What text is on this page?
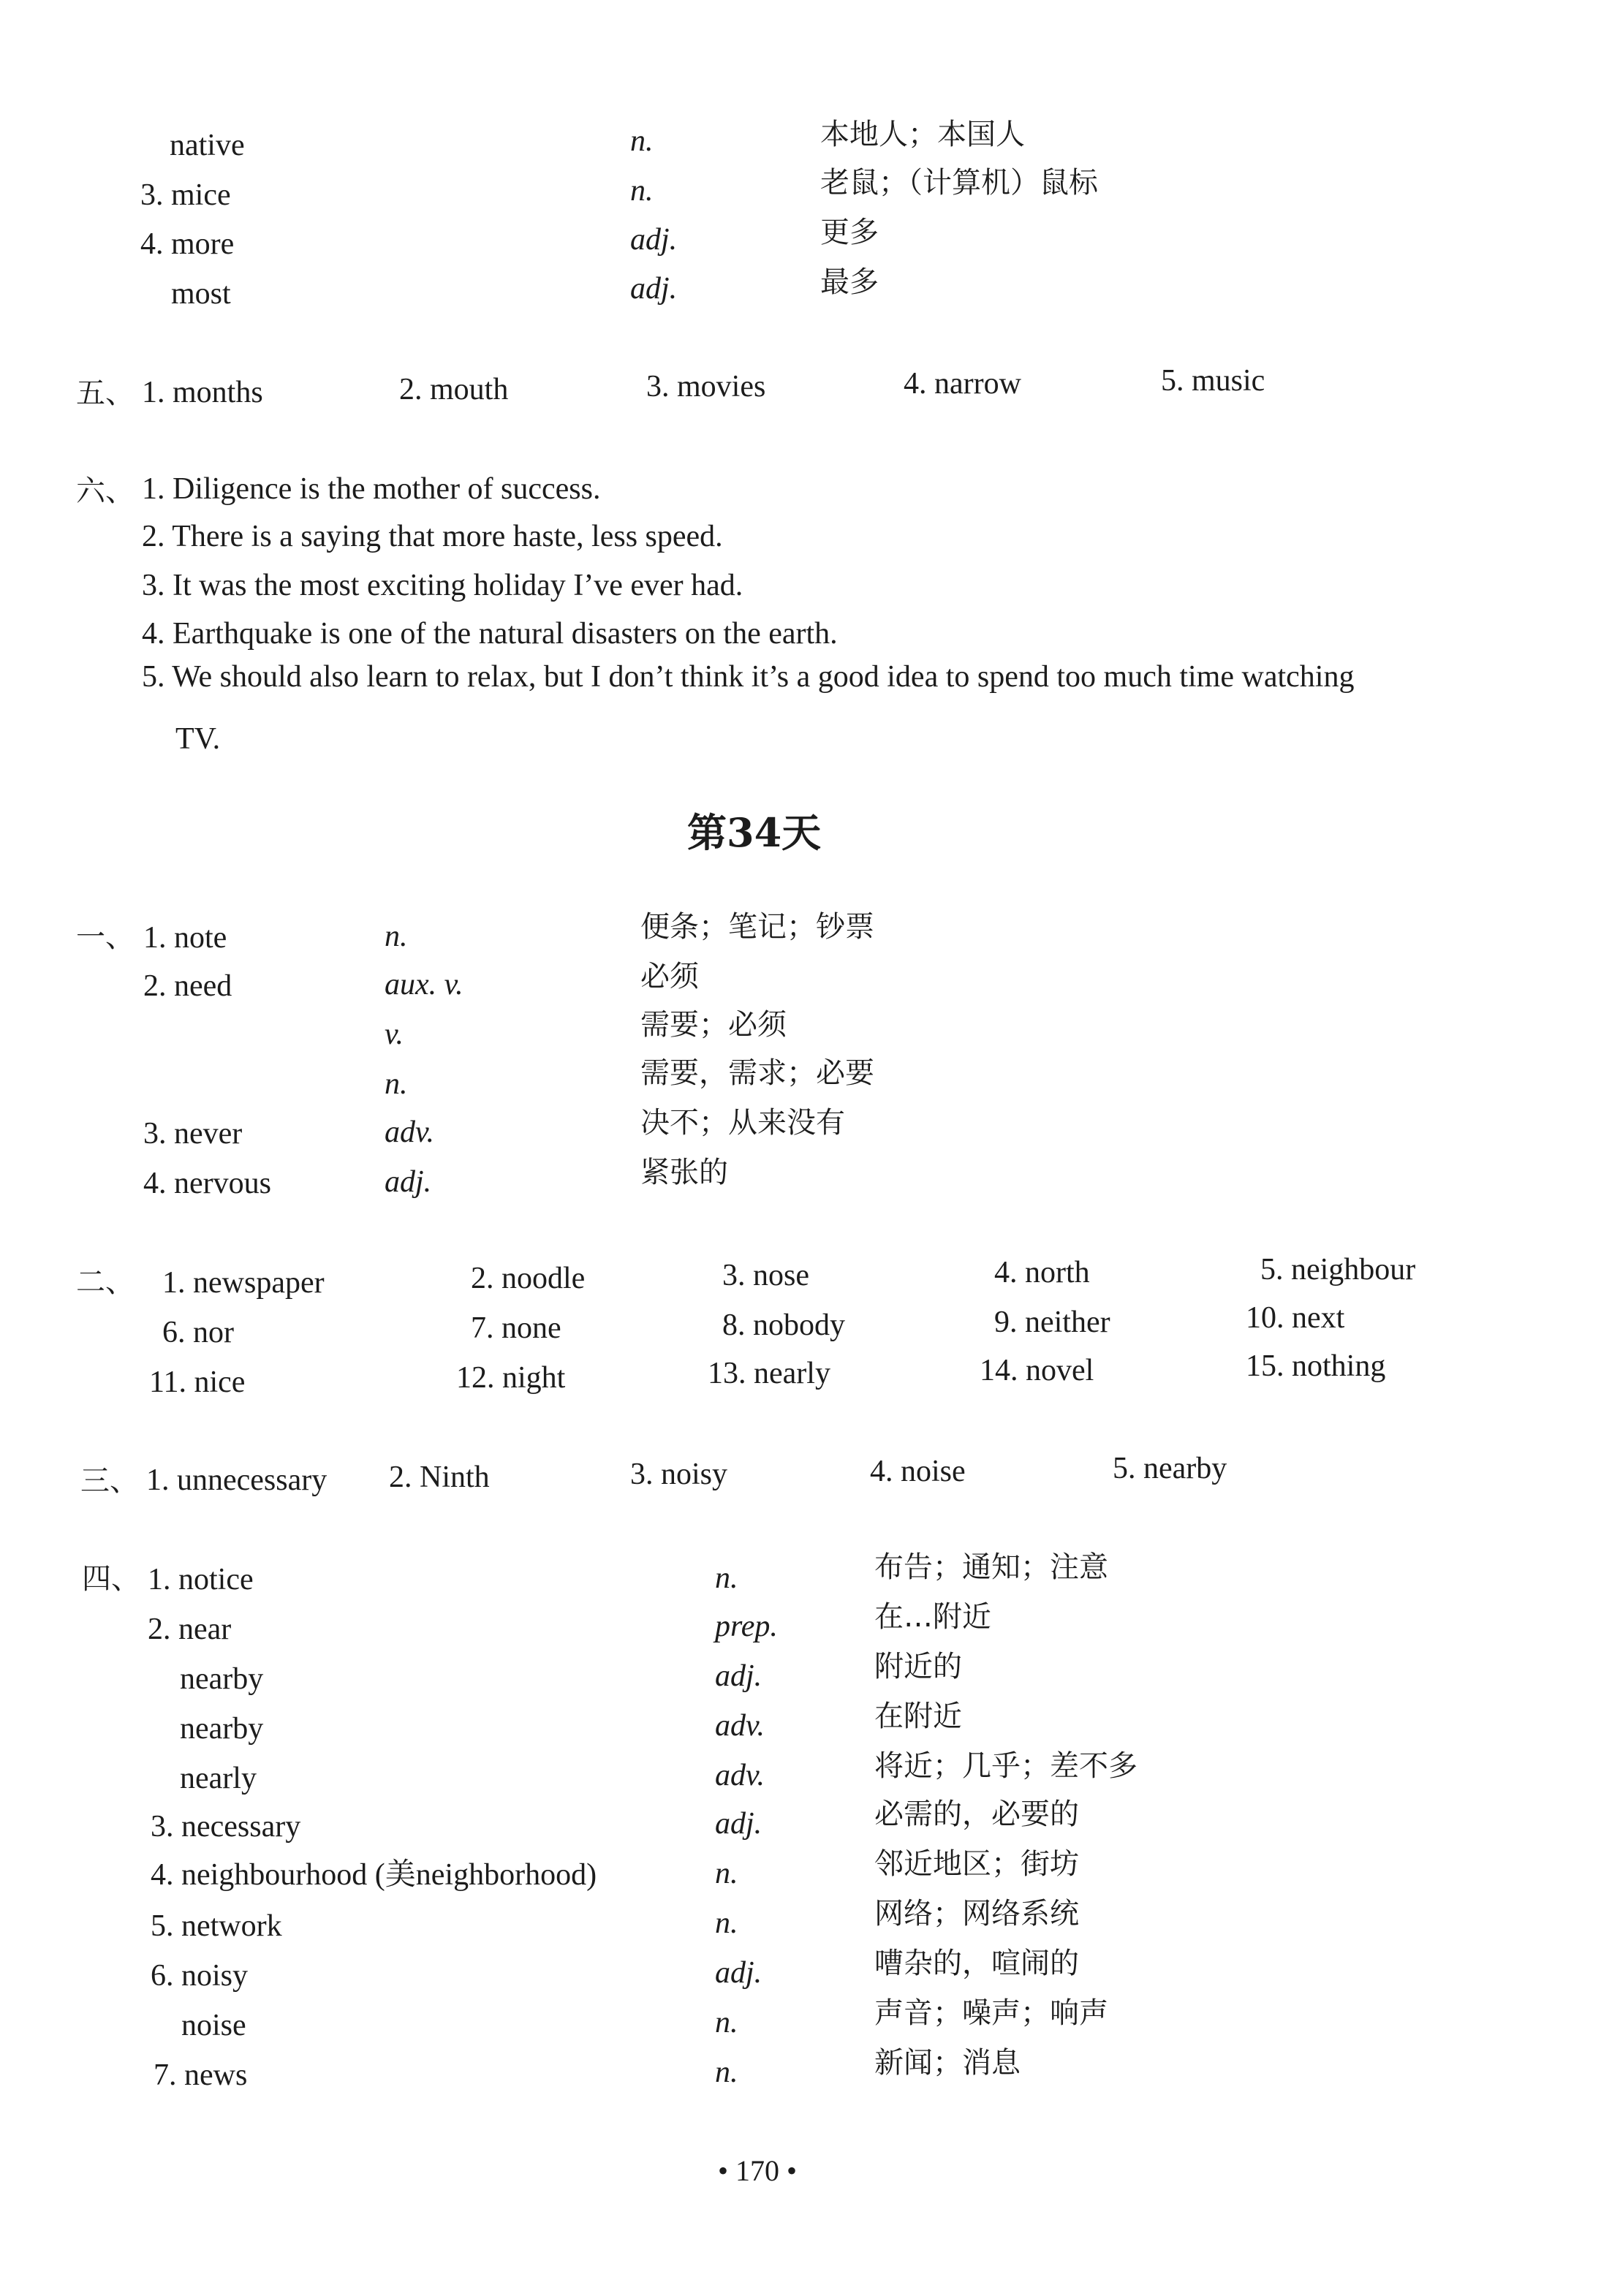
native	n.	本地人；本国人
3. mice	n.	老鼠；（计算机）鼠标
4. more	adj.	更多
most	adj.	最多
五、 1. months	2. mouth	3. movies	4. narrow	5. music
六、 1. Diligence is the mother of success.
2. There is a saying that more haste, less speed.
3. It was the most exciting holiday I’ve ever had.
4. Earthquake is one of the natural disasters on the earth.
5. We should also learn to relax, but I don’t think it’s a good idea to spend too much time watching
TV.
第34天
一、 1. note	n.	便条；笔记；钞票
2. need	aux. v.	必须
v.	需要；必须
n.	需要，需求；必要
3. never	adv.	决不；从来没有
4. nervous	adj.	紧张的
二、 1. newspaper	2. noodle	3. nose	4. north	5. neighbour
6. nor	7. none	8. nobody	9. neither	10. next
11. nice	12. night	13. nearly	14. novel	15. nothing
三、 1. unnecessary 2. Ninth	3. noisy	4. noise	5. nearby
四、 1. notice	n.	布告；通知；注意
2. near	prep.	在…附近
nearby	adj.	附近的
nearby	adv.	在附近
nearly	adv.	将近；几乎；差不多
3. necessary	adj.	必需的，必要的
4. neighbourhood (美neighborhood)	n.	邻近地区；街坊
5. network	n.	网络；网络系统
6. noisy	adj.	嘈杂的，喧闹的
noise	n.	声音；噪声；响声
7. news	n.	新闻；消息
• 170 •
